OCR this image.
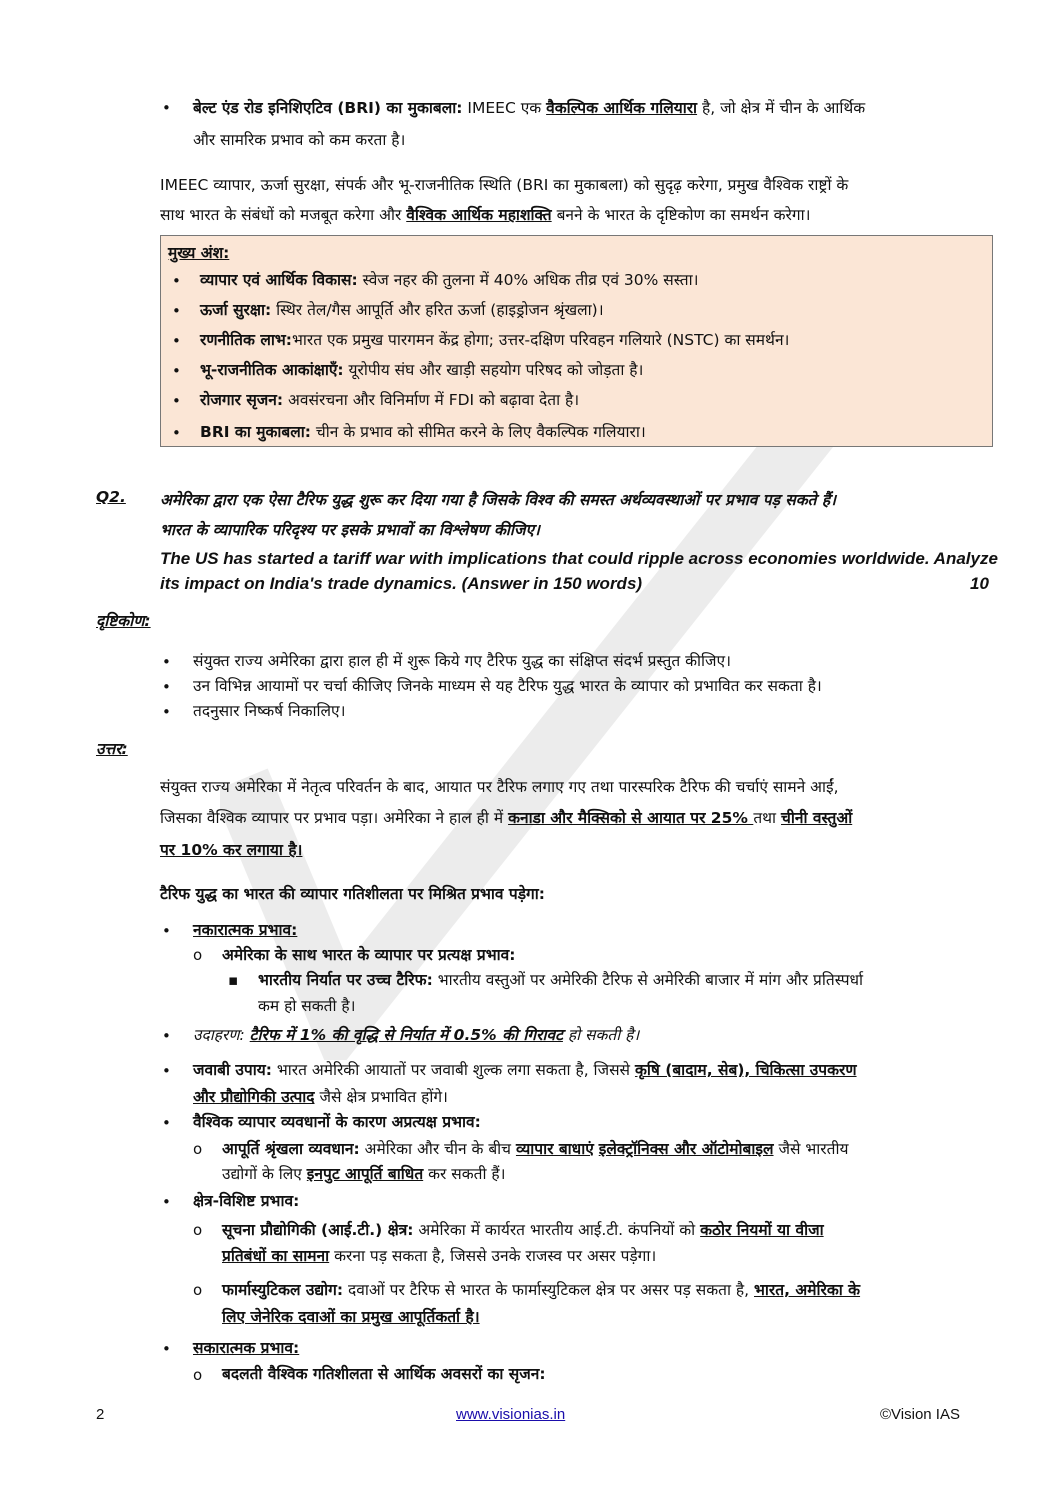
• बेल्ट एंड रोड इनिशिएटिव (BRI) का मुकाबला: IMEEC एक वैकल्पिक आर्थिक गलियारा है, जो क्षेत्र में चीन के आर्थिक
और सामरिक प्रभाव को कम करता है।
IMEEC व्यापार, ऊर्जा सुरक्षा, संपर्क और भू-राजनीतिक स्थिति (BRI का मुकाबला) को सुदृढ़ करेगा, प्रमुख वैश्विक राष्ट्रों के
साथ भारत के संबंधों को मजबूत करेगा और वैश्विक आर्थिक महाशक्ति बनने के भारत के दृष्टिकोण का समर्थन करेगा।
मुख्य अंश:
• व्यापार एवं आर्थिक विकास: स्वेज नहर की तुलना में 40% अधिक तीव्र एवं 30% सस्ता।
• ऊर्जा सुरक्षा: स्थिर तेल/गैस आपूर्ति और हरित ऊर्जा (हाइड्रोजन श्रृंखला)।
• रणनीतिक लाभ:भारत एक प्रमुख पारगमन केंद्र होगा; उत्तर-दक्षिण परिवहन गलियारे (NSTC) का समर्थन।
• भू-राजनीतिक आकांक्षाएँ: यूरोपीय संघ और खाड़ी सहयोग परिषद को जोड़ता है।
• रोजगार सृजन: अवसंरचना और विनिर्माण में FDI को बढ़ावा देता है।
• BRI का मुकाबला: चीन के प्रभाव को सीमित करने के लिए वैकल्पिक गलियारा।
Q2. अमेरिका द्वारा एक ऐसा टैरिफ युद्ध शुरू कर दिया गया है जिसके विश्व की समस्त अर्थव्यवस्थाओं पर प्रभाव पड़ सकते हैं।
भारत के व्यापारिक परिदृश्य पर इसके प्रभावों का विश्लेषण कीजिए।
The US has started a tariff war with implications that could ripple across economies worldwide. Analyze
its impact on India's trade dynamics. (Answer in 150 words)	10
दृष्टिकोण:
• संयुक्त राज्य अमेरिका द्वारा हाल ही में शुरू किये गए टैरिफ युद्ध का संक्षिप्त संदर्भ प्रस्तुत कीजिए।
• उन विभिन्न आयामों पर चर्चा कीजिए जिनके माध्यम से यह टैरिफ युद्ध भारत के व्यापार को प्रभावित कर सकता है।
• तदनुसार निष्कर्ष निकालिए।
उत्तर:
संयुक्त राज्य अमेरिका में नेतृत्व परिवर्तन के बाद, आयात पर टैरिफ लगाए गए तथा पारस्परिक टैरिफ की चर्चाएं सामने आईं,
जिसका वैश्विक व्यापार पर प्रभाव पड़ा। अमेरिका ने हाल ही में कनाडा और मैक्सिको से आयात पर 25% तथा चीनी वस्तुओं
पर 10% कर लगाया है।
टैरिफ युद्ध का भारत की व्यापार गतिशीलता पर मिश्रित प्रभाव पड़ेगा:
• नकारात्मक प्रभाव:
o अमेरिका के साथ भारत के व्यापार पर प्रत्यक्ष प्रभाव:
▪ भारतीय निर्यात पर उच्च टैरिफ: भारतीय वस्तुओं पर अमेरिकी टैरिफ से अमेरिकी बाजार में मांग और प्रतिस्पर्धा
कम हो सकती है।
• उदाहरण: टैरिफ में 1% की वृद्धि से निर्यात में 0.5% की गिरावट हो सकती है।
• जवाबी उपाय: भारत अमेरिकी आयातों पर जवाबी शुल्क लगा सकता है, जिससे कृषि (बादाम, सेब), चिकित्सा उपकरण
और प्रौद्योगिकी उत्पाद जैसे क्षेत्र प्रभावित होंगे।
• वैश्विक व्यापार व्यवधानों के कारण अप्रत्यक्ष प्रभाव:
o आपूर्ति श्रृंखला व्यवधान: अमेरिका और चीन के बीच व्यापार बाधाएं इलेक्ट्रॉनिक्स और ऑटोमोबाइल जैसे भारतीय
उद्योगों के लिए इनपुट आपूर्ति बाधित कर सकती हैं।
• क्षेत्र-विशिष्ट प्रभाव:
o सूचना प्रौद्योगिकी (आई.टी.) क्षेत्र: अमेरिका में कार्यरत भारतीय आई.टी. कंपनियों को कठोर नियमों या वीजा
प्रतिबंधों का सामना करना पड़ सकता है, जिससे उनके राजस्व पर असर पड़ेगा।
o फार्मास्युटिकल उद्योग: दवाओं पर टैरिफ से भारत के फार्मास्युटिकल क्षेत्र पर असर पड़ सकता है, भारत, अमेरिका के
लिए जेनेरिक दवाओं का प्रमुख आपूर्तिकर्ता है।
• सकारात्मक प्रभाव:
o बदलती वैश्विक गतिशीलता से आर्थिक अवसरों का सृजन:
2	www.visionias.in	©Vision IAS
